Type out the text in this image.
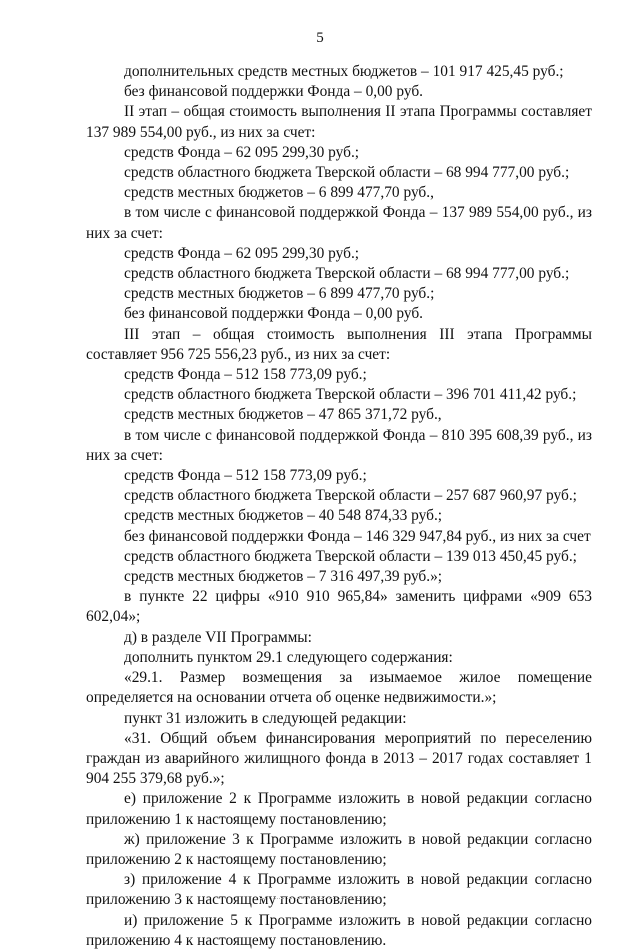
5

дополнительных средств местных бюджетов – 101 917 425,45 руб.;

без финансовой поддержки Фонда – 0,00 руб.

II этап – общая стоимость выполнения II этапа Программы составляет 137 989 554,00 руб., из них за счет:

средств Фонда – 62 095 299,30 руб.;

средств областного бюджета Тверской области – 68 994 777,00 руб.;

средств местных бюджетов – 6 899 477,70 руб.,

в том числе с финансовой поддержкой Фонда – 137 989 554,00 руб., из них за счет:

средств Фонда – 62 095 299,30 руб.;

средств областного бюджета Тверской области – 68 994 777,00 руб.;

средств местных бюджетов – 6 899 477,70 руб.;

без финансовой поддержки Фонда – 0,00 руб.

III этап – общая стоимость выполнения III этапа Программы составляет 956 725 556,23 руб., из них за счет:

средств Фонда – 512 158 773,09 руб.;

средств областного бюджета Тверской области – 396 701 411,42 руб.;

средств местных бюджетов – 47 865 371,72 руб.,

в том числе с финансовой поддержкой Фонда – 810 395 608,39 руб., из них за счет:

средств Фонда – 512 158 773,09 руб.;

средств областного бюджета Тверской области – 257 687 960,97 руб.;

средств местных бюджетов – 40 548 874,33 руб.;

без финансовой поддержки Фонда – 146 329 947,84 руб., из них за счет

средств областного бюджета Тверской области – 139 013 450,45 руб.;

средств местных бюджетов – 7 316 497,39 руб.»;

в пункте 22 цифры «910 910 965,84» заменить цифрами «909 653 602,04»;

д) в разделе VII Программы:

дополнить пунктом 29.1 следующего содержания:

«29.1. Размер возмещения за изымаемое жилое помещение определяется на основании отчета об оценке недвижимости.»;

пункт 31 изложить в следующей редакции:

«31. Общий объем финансирования мероприятий по переселению граждан из аварийного жилищного фонда в 2013 – 2017 годах составляет 1 904 255 379,68 руб.»;

е) приложение 2 к Программе изложить в новой редакции согласно приложению 1 к настоящему постановлению;

ж) приложение 3 к Программе изложить в новой редакции согласно приложению 2 к настоящему постановлению;

з) приложение 4 к Программе изложить в новой редакции согласно приложению 3 к настоящему постановлению;

и) приложение 5 к Программе изложить в новой редакции согласно приложению 4 к настоящему постановлению.
